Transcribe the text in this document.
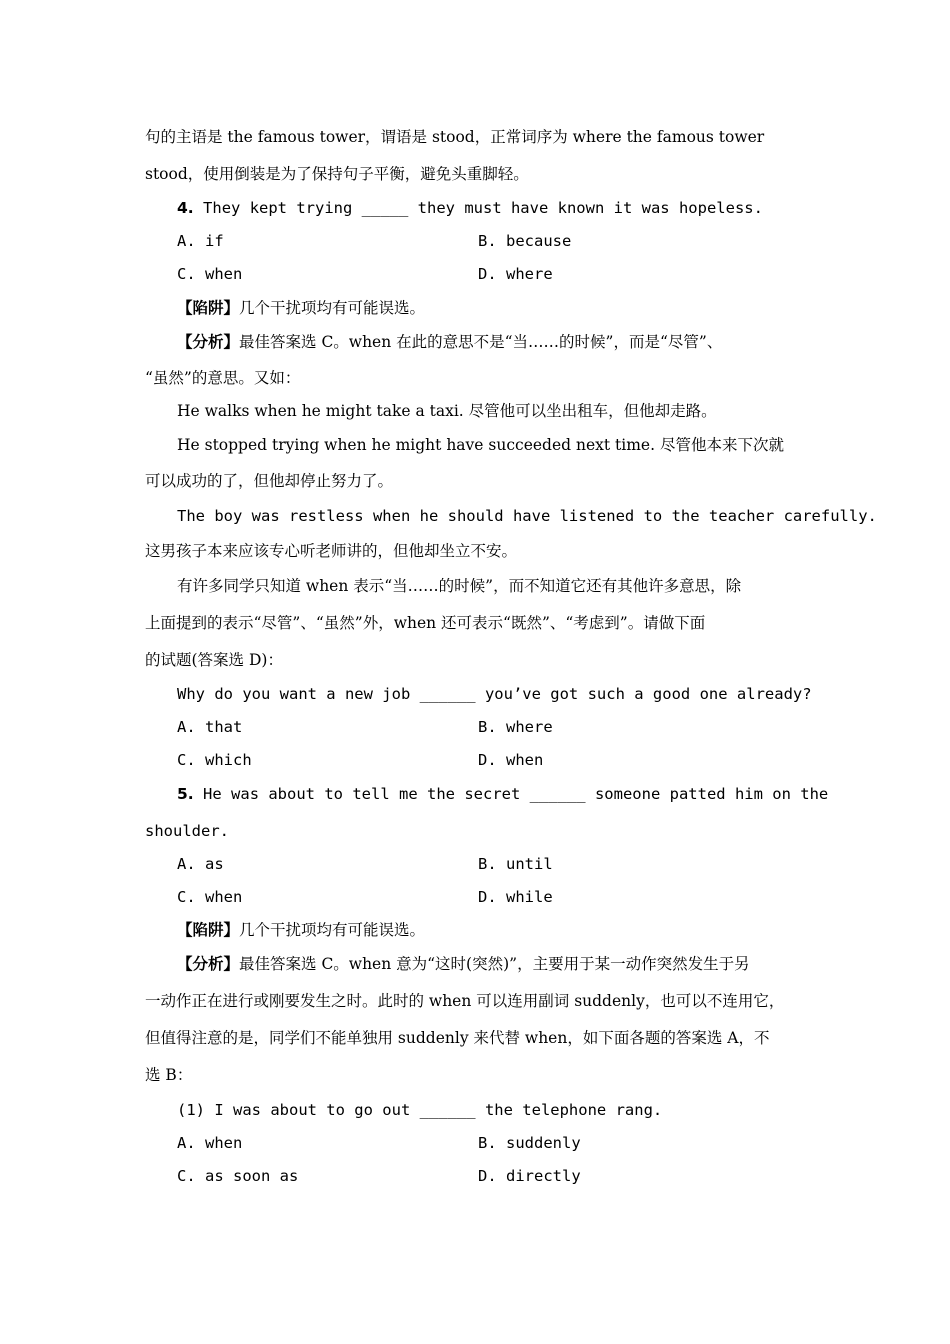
句的主语是 the famous tower，谓语是 stood，正常词序为 where the famous tower
stood，使用倒装是为了保持句子平衡，避免头重脚轻。
4. They kept trying _____ they must have known it was hopeless.
A. if	B. because
C. when	D. where
【陷阱】几个干扰项均有可能误选。
【分析】最佳答案选 C。when 在此的意思不是“当……的时候”，而是“尽管”、
“虽然”的意思。又如：
He walks when he might take a taxi. 尽管他可以坐出租车，但他却走路。
He stopped trying when he might have succeeded next time. 尽管他本来下次就
可以成功的了，但他却停止努力了。
The boy was restless when he should have listened to the teacher carefully.
这男孩子本来应该专心听老师讲的，但他却坐立不安。
有许多同学只知道 when 表示“当……的时候”，而不知道它还有其他许多意思，除
上面提到的表示“尽管”、“虽然”外，when 还可表示“既然”、“考虑到”。请做下面
的试题(答案选 D)：
Why do you want a new job ______ you’ve got such a good one already?
A. that	B. where
C. which	D. when
5. He was about to tell me the secret ______ someone patted him on the
shoulder.
A. as	B. until
C. when	D. while
【陷阱】几个干扰项均有可能误选。
【分析】最佳答案选 C。when 意为“这时(突然)”，主要用于某一动作突然发生于另
一动作正在进行或刚要发生之时。此时的 when 可以连用副词 suddenly，也可以不连用它，
但值得注意的是，同学们不能单独用 suddenly 来代替 when，如下面各题的答案选 A，不
选 B：
(1) I was about to go out ______ the telephone rang.
A. when	B. suddenly
C. as soon as	D. directly
